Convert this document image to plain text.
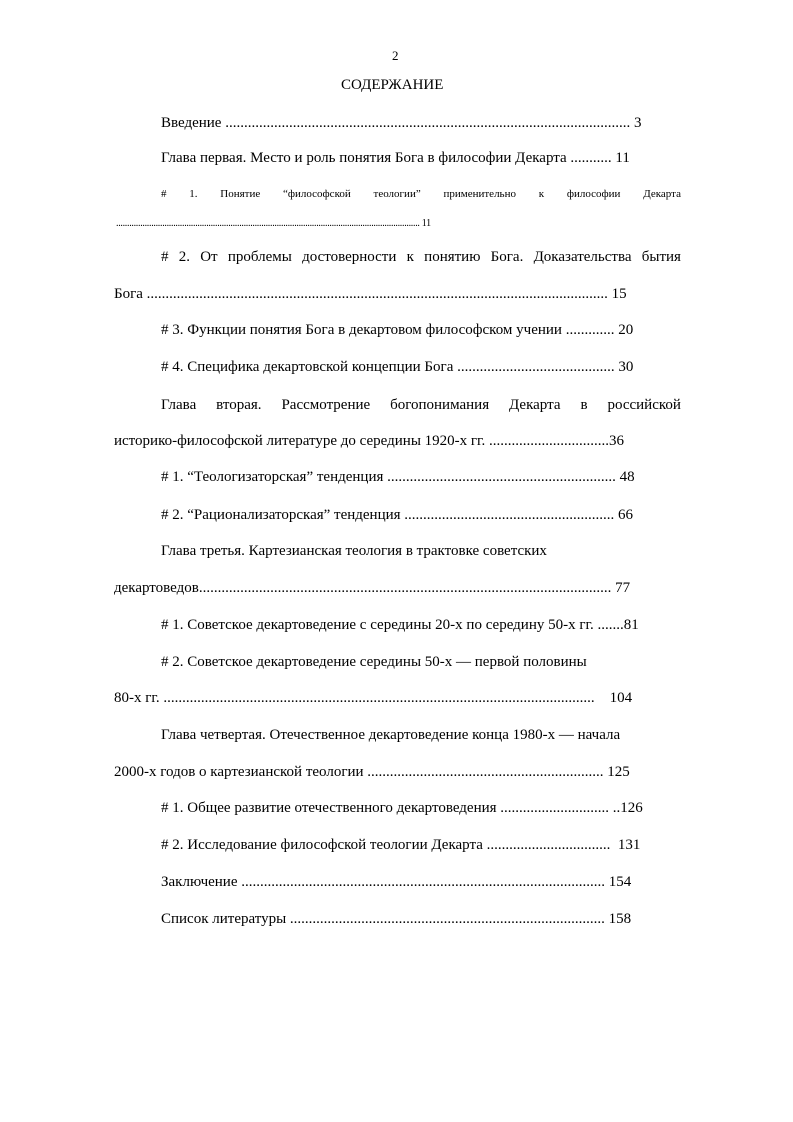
2
СОДЕРЖАНИЕ
Введение ............................................................................................................ 3
Глава первая. Место и роль понятия Бога в философии Декарта ........... 11
# 1. Понятие “философской теологии” применительно к философии Декарта
.......................................................................................................................................... 11
# 2. От проблемы достоверности к понятию Бога. Доказательства бытия
Бога ........................................................................................................................... 15
# 3. Функции понятия Бога в декартовом философском учении ............. 20
# 4. Специфика декартовской концепции Бога .......................................... 30
Глава вторая. Рассмотрение богопонимания Декарта в российской
историко-философской литературе до середины 1920-х гг. ................................36
# 1. “Теологизаторская” тенденция ............................................................. 48
# 2. “Рационализаторская” тенденция ........................................................ 66
Глава третья. Картезианская теология в трактовке советских
декартоведов.............................................................................................................. 77
# 1. Советское декартоведение с середины 20-х по середину 50-х гг. .......81
# 2. Советское декартоведение середины 50-х — первой половины
80-х гг. ...................................................................................................................    104
Глава четвертая. Отечественное декартоведение конца 1980-х — начала
2000-х годов о картезианской теологии ............................................................... 125
# 1. Общее развитие отечественного декартоведения ............................. ..126
# 2. Исследование философской теологии Декарта .................................  131
Заключение ................................................................................................. 154
Список литературы .................................................................................... 158
